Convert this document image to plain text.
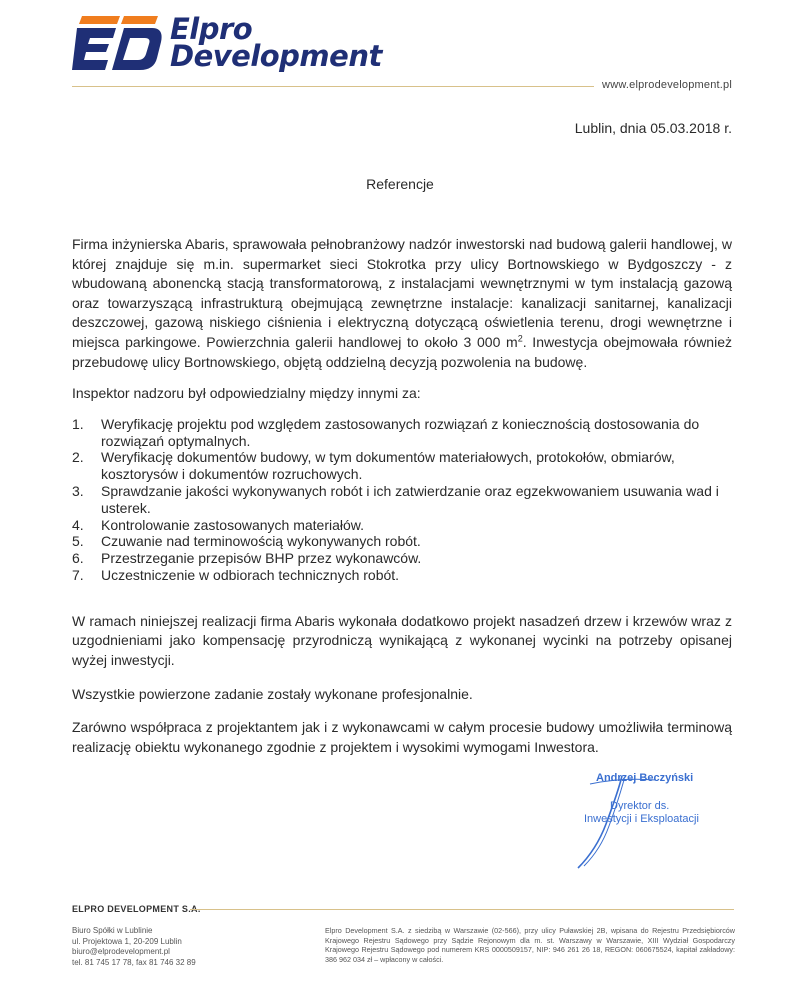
Elpro
Development
www.elprodevelopment.pl
Lublin, dnia 05.03.2018 r.
Referencje

Firma inżynierska Abaris, sprawowała pełnobranżowy nadzór inwestorski nad budową galerii handlowej, w której znajduje się m.in. supermarket sieci Stokrotka przy ulicy Bortnowskiego w Bydgoszczy - z wbudowaną abonencką stacją transformatorową, z instalacjami wewnętrznymi w tym instalacją gazową oraz towarzyszącą infrastrukturą obejmującą zewnętrzne instalacje: kanalizacji sanitarnej, kanalizacji deszczowej, gazową niskiego ciśnienia i elektryczną dotyczącą oświetlenia terenu, drogi wewnętrzne i miejsca parkingowe. Powierzchnia galerii handlowej to około 3 000 $m^2$. Inwestycja obejmowała również przebudowę ulicy Bortnowskiego, objętą oddzielną decyzją pozwolenia na budowę.

Inspektor nadzoru był odpowiedzialny między innymi za:

1. Weryfikację projektu pod względem zastosowanych rozwiązań z koniecznością dostosowania do rozwiązań optymalnych.
2. Weryfikację dokumentów budowy, w tym dokumentów materiałowych, protokołów, obmiarów, kosztorysów i dokumentów rozruchowych.
3. Sprawdzanie jakości wykonywanych robót i ich zatwierdzanie oraz egzekwowaniem usuwania wad i usterek.
4. Kontrolowanie zastosowanych materiałów.
5. Czuwanie nad terminowością wykonywanych robót.
6. Przestrzeganie przepisów BHP przez wykonawców.
7. Uczestniczenie w odbiorach technicznych robót.

W ramach niniejszej realizacji firma Abaris wykonała dodatkowo projekt nasadzeń drzew i krzewów wraz z uzgodnieniami jako kompensację przyrodniczą wynikającą z wykonanej wycinki na potrzeby opisanej wyżej inwestycji.

Wszystkie powierzone zadanie zostały wykonane profesjonalnie.

Zarówno współpraca z projektantem jak i z wykonawcami w całym procesie budowy umożliwiła terminową realizację obiektu wykonanego zgodnie z projektem i wysokimi wymogami Inwestora.

Andrzej Beczyński
Dyrektor ds.
Inwestycji i Eksploatacji
ELPRO DEVELOPMENT S.A.
Biuro Spółki w Lublinie
ul. Projektowa 1, 20-209 Lublin
biuro@elprodevelopment.pl
tel. 81 745 17 78, fax 81 746 32 89
Elpro Development S.A. z siedzibą w Warszawie (02-566), przy ulicy Puławskiej 2B, wpisana do Rejestru Przedsiębiorców Krajowego Rejestru Sądowego przy Sądzie Rejonowym dla m. st. Warszawy w Warszawie, XIII Wydział Gospodarczy Krajowego Rejestru Sądowego pod numerem KRS 0000509157, NIP: 946 261 26 18, REGON: 060675524, kapitał zakładowy: 386 962 034 zł – wpłacony w całości.
